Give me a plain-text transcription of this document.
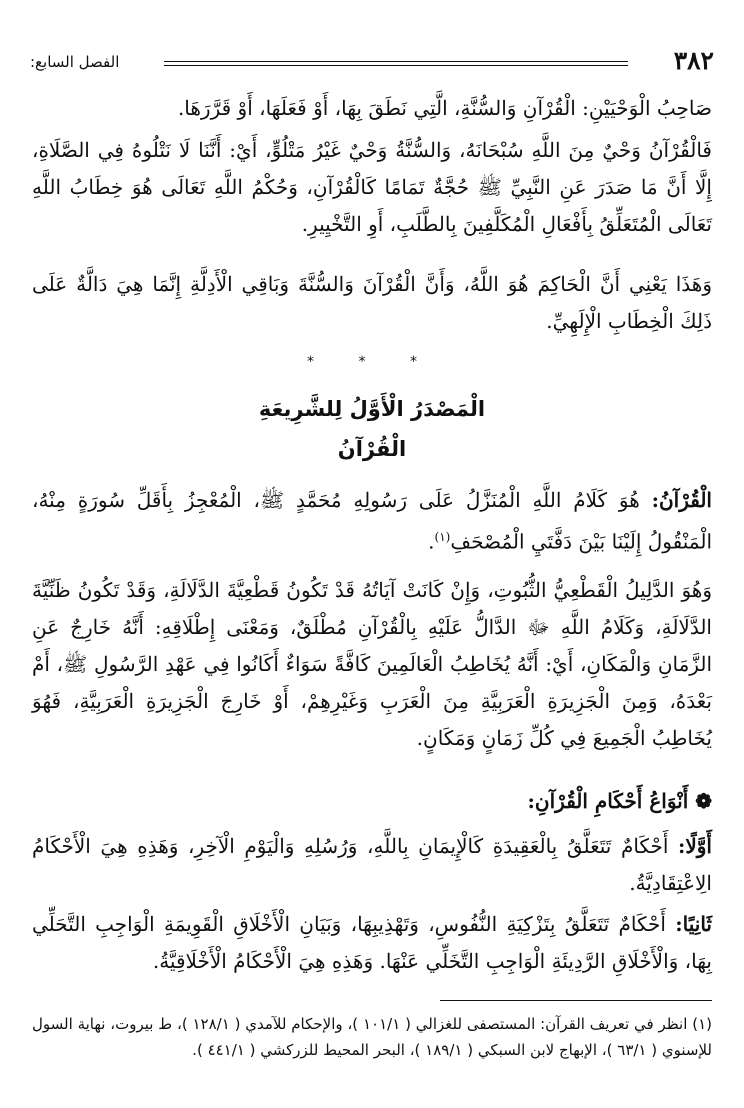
٣٨٢
الفصل السابع:

صَاحِبُ الْوَحْيَيْنِ: الْقُرْآنِ وَالسُّنَّةِ، الَّتِي نَطَقَ بِهَا، أَوْ فَعَلَهَا، أَوْ قَرَّرَهَا.

فَالْقُرْآنُ وَحْيٌ مِنَ اللَّهِ سُبْحَانَهُ، وَالسُّنَّةُ وَحْيٌ غَيْرُ مَتْلُوٍّ، أَيْ: أَنَّنَا لَا نَتْلُوهُ فِي الصَّلَاةِ، إِلَّا أَنَّ مَا صَدَرَ عَنِ النَّبِيِّ ﷺ حُجَّةٌ تَمَامًا كَالْقُرْآنِ، وَحُكْمُ اللَّهِ تَعَالَى هُوَ خِطَابُ اللَّهِ تَعَالَى الْمُتَعَلِّقُ بِأَفْعَالِ الْمُكَلَّفِينَ بِالطَّلَبِ، أَوِ التَّخْيِيرِ.

وَهَذَا يَعْنِي أَنَّ الْحَاكِمَ هُوَ اللَّهُ، وَأَنَّ الْقُرْآنَ وَالسُّنَّةَ وَبَاقِي الْأَدِلَّةِ إِنَّمَا هِيَ دَالَّةٌ عَلَى ذَلِكَ الْخِطَابِ الْإِلَهِيِّ.

* * *
الْمَصْدَرُ الْأَوَّلُ لِلشَّرِيعَةِ
الْقُرْآنُ

الْقُرْآنُ: هُوَ كَلَامُ اللَّهِ الْمُنَزَّلُ عَلَى رَسُولِهِ مُحَمَّدٍ ﷺ، الْمُعْجِزُ بِأَقَلِّ سُورَةٍ مِنْهُ، الْمَنْقُولُ إِلَيْنَا بَيْنَ دَفَّتَيِ الْمُصْحَفِ$^{(١)}$.

وَهُوَ الدَّلِيلُ الْقَطْعِيُّ الثُّبُوتِ، وَإِنْ كَانَتْ آيَاتُهُ قَدْ تَكُونُ قَطْعِيَّةَ الدَّلَالَةِ، وَقَدْ تَكُونُ ظَنِّيَّةَ الدَّلَالَةِ، وَكَلَامُ اللَّهِ ﷻ الدَّالُّ عَلَيْهِ بِالْقُرْآنِ مُطْلَقٌ، وَمَعْنَى إِطْلَاقِهِ: أَنَّهُ خَارِجٌ عَنِ الزَّمَانِ وَالْمَكَانِ، أَيْ: أَنَّهُ يُخَاطِبُ الْعَالَمِينَ كَافَّةً سَوَاءٌ أَكَانُوا فِي عَهْدِ الرَّسُولِ ﷺ، أَمْ بَعْدَهُ، وَمِنَ الْجَزِيرَةِ الْعَرَبِيَّةِ مِنَ الْعَرَبِ وَغَيْرِهِمْ، أَوْ خَارِجَ الْجَزِيرَةِ الْعَرَبِيَّةِ، فَهُوَ يُخَاطِبُ الْجَمِيعَ فِي كُلِّ زَمَانٍ وَمَكَانٍ.

❁ أَنْوَاعُ أَحْكَامِ الْقُرْآنِ:

أَوَّلًا: أَحْكَامٌ تَتَعَلَّقُ بِالْعَقِيدَةِ كَالْإِيمَانِ بِاللَّهِ، وَرُسُلِهِ وَالْيَوْمِ الْآخِرِ، وَهَذِهِ هِيَ الْأَحْكَامُ الِاعْتِقَادِيَّةُ.

ثَانِيًا: أَحْكَامٌ تَتَعَلَّقُ بِتَزْكِيَةِ النُّفُوسِ، وَتَهْذِيبِهَا، وَبَيَانِ الْأَخْلَاقِ الْقَوِيمَةِ الْوَاجِبِ التَّحَلِّي بِهَا، وَالْأَخْلَاقِ الرَّدِيئَةِ الْوَاجِبِ التَّخَلِّي عَنْهَا. وَهَذِهِ هِيَ الْأَحْكَامُ الْأَخْلَاقِيَّةُ.

(١) انظر في تعريف القرآن: المستصفى للغزالي ( ١٠١/١ )، والإحكام للآمدي ( ١٢٨/١ )، ط بيروت، نهاية السول للإسنوي ( ٦٣/١ )، الإبهاج لابن السبكي ( ١٨٩/١ )، البحر المحيط للزركشي ( ٤٤١/١ ).
